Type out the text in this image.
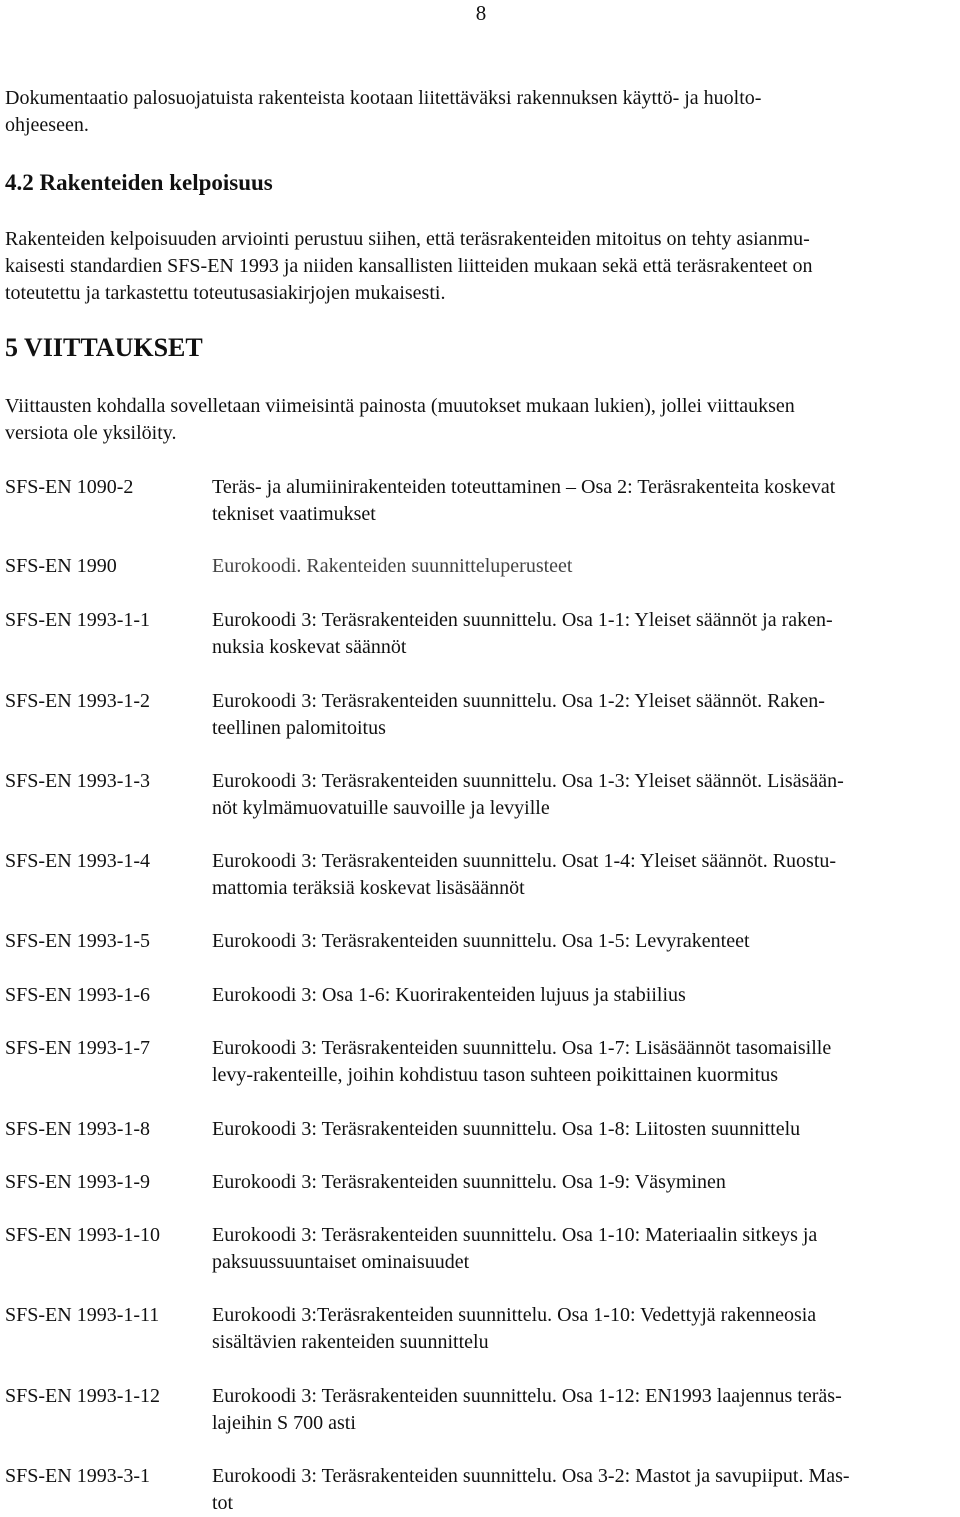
8
Dokumentaatio palosuojatuista rakenteista kootaan liitettäväksi rakennuksen käyttö- ja huolto-
ohjeeseen.
4.2 Rakenteiden kelpoisuus
Rakenteiden kelpoisuuden arviointi perustuu siihen, että teräsrakenteiden mitoitus on tehty asianmu-
kaisesti standardien SFS-EN 1993 ja niiden kansallisten liitteiden mukaan sekä että teräsrakenteet on
toteutettu ja tarkastettu toteutusasiakirjojen mukaisesti.
5 VIITTAUKSET
Viittausten kohdalla sovelletaan viimeisintä painosta (muutokset mukaan lukien), jollei viittauksen
versiota ole yksilöity.
SFS-EN 1090-2	Teräs- ja alumiinirakenteiden toteuttaminen – Osa 2: Teräsrakenteita koskevat
tekniset vaatimukset
SFS-EN 1990	Eurokoodi. Rakenteiden suunnitteluperusteet
SFS-EN 1993-1-1	Eurokoodi 3: Teräsrakenteiden suunnittelu. Osa 1-1: Yleiset säännöt ja raken-
nuksia koskevat säännöt
SFS-EN 1993-1-2	Eurokoodi 3: Teräsrakenteiden suunnittelu. Osa 1-2: Yleiset säännöt. Raken-
teellinen palomitoitus
SFS-EN 1993-1-3	Eurokoodi 3: Teräsrakenteiden suunnittelu. Osa 1-3: Yleiset säännöt. Lisäsään-
nöt kylmämuovatuille sauvoille ja levyille
SFS-EN 1993-1-4	Eurokoodi 3: Teräsrakenteiden suunnittelu. Osat 1-4: Yleiset säännöt. Ruostu-
mattomia teräksiä koskevat lisäsäännöt
SFS-EN 1993-1-5	Eurokoodi 3: Teräsrakenteiden suunnittelu. Osa 1-5: Levyrakenteet
SFS-EN 1993-1-6	Eurokoodi 3: Osa 1-6: Kuorirakenteiden lujuus ja stabiilius
SFS-EN 1993-1-7	Eurokoodi 3: Teräsrakenteiden suunnittelu. Osa 1-7: Lisäsäännöt tasomaisille
levy-rakenteille, joihin kohdistuu tason suhteen poikittainen kuormitus
SFS-EN 1993-1-8	Eurokoodi 3: Teräsrakenteiden suunnittelu. Osa 1-8: Liitosten suunnittelu
SFS-EN 1993-1-9	Eurokoodi 3: Teräsrakenteiden suunnittelu. Osa 1-9: Väsyminen
SFS-EN 1993-1-10	Eurokoodi 3: Teräsrakenteiden suunnittelu. Osa 1-10: Materiaalin sitkeys ja
paksuussuuntaiset ominaisuudet
SFS-EN 1993-1-11	Eurokoodi 3:Teräsrakenteiden suunnittelu. Osa 1-10: Vedettyjä rakenneosia
sisältävien rakenteiden suunnittelu
SFS-EN 1993-1-12	Eurokoodi 3: Teräsrakenteiden suunnittelu. Osa 1-12: EN1993 laajennus teräs-
lajeihin S 700 asti
SFS-EN 1993-3-1	Eurokoodi 3: Teräsrakenteiden suunnittelu. Osa 3-2: Mastot ja savupiiput. Mas-
tot
